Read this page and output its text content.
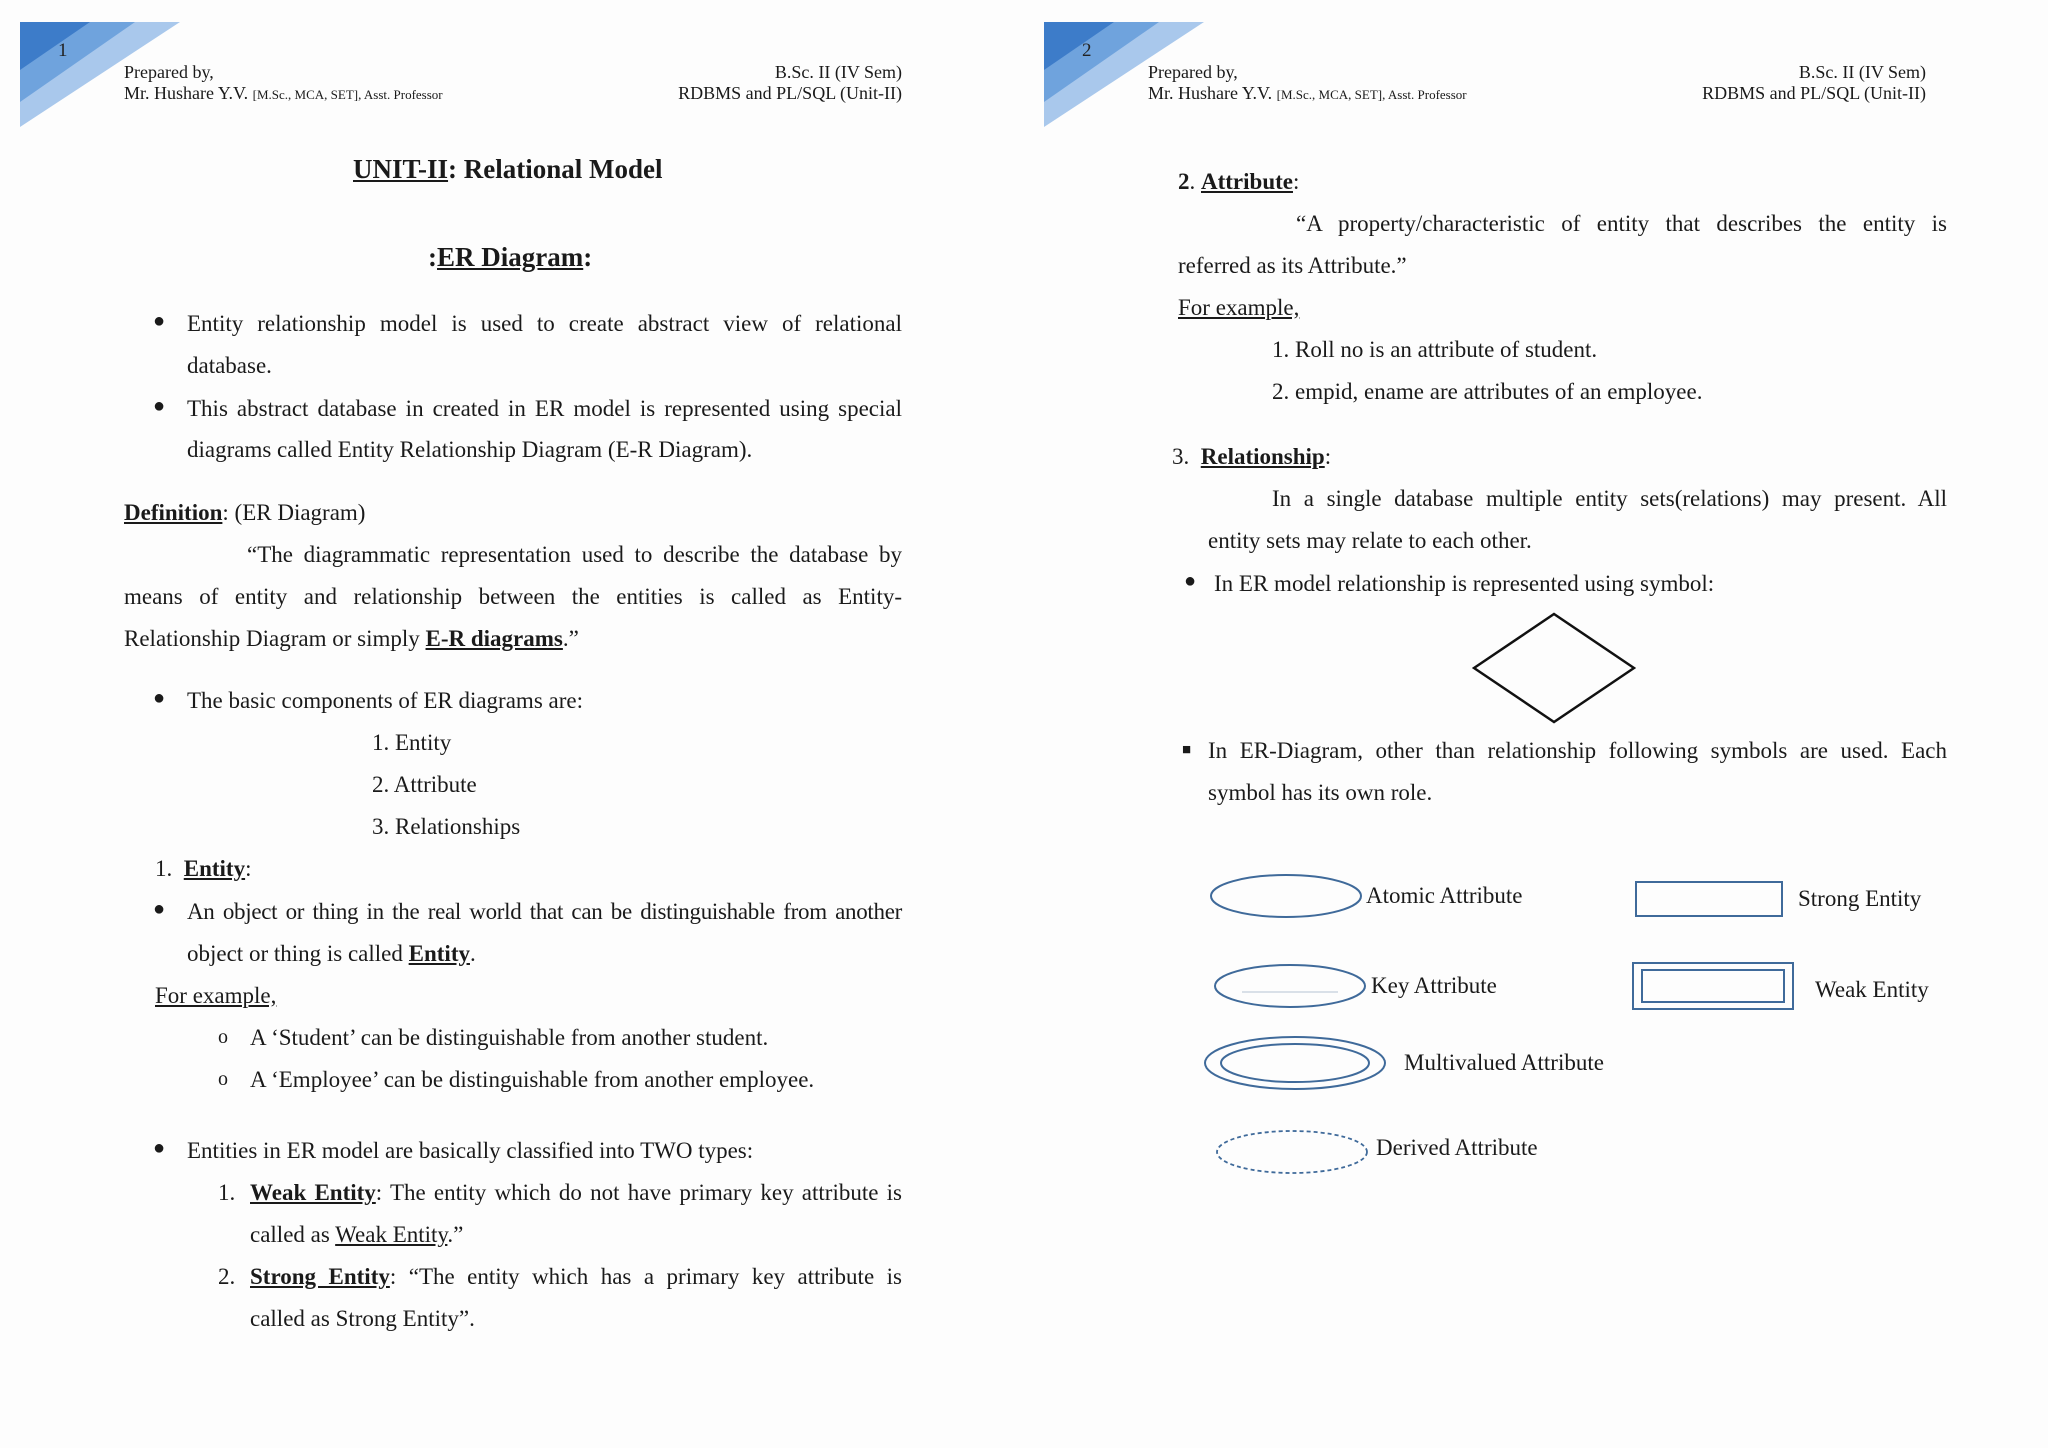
1
Prepared by,
Mr. Hushare Y.V. [M.Sc., MCA, SET], Asst. Professor
B.Sc. II (IV Sem)
RDBMS and PL/SQL (Unit-II)
UNIT-II: Relational Model
:ER Diagram:
● Entity relationship model is used to create abstract view of relational
database.
● This abstract database in created in ER model is represented using special
diagrams called Entity Relationship Diagram (E-R Diagram).
Definition: (ER Diagram)
“The diagrammatic representation used to describe the database by
means of entity and relationship between the entities is called as Entity-
Relationship Diagram or simply E-R diagrams.”
● The basic components of ER diagrams are:
1. Entity
2. Attribute
3. Relationships
1. Entity:
● An object or thing in the real world that can be distinguishable from another
object or thing is called Entity.
For example,
o A ‘Student’ can be distinguishable from another student.
o A ‘Employee’ can be distinguishable from another employee.
● Entities in ER model are basically classified into TWO types:
1. Weak Entity: The entity which do not have primary key attribute is
called as Weak Entity.”
2. Strong Entity: “The entity which has a primary key attribute is
called as Strong Entity”.
2
Prepared by,
Mr. Hushare Y.V. [M.Sc., MCA, SET], Asst. Professor
B.Sc. II (IV Sem)
RDBMS and PL/SQL (Unit-II)
2. Attribute:
“A property/characteristic of entity that describes the entity is
referred as its Attribute.”
For example,
1. Roll no is an attribute of student.
2. empid, ename are attributes of an employee.
3. Relationship:
In a single database multiple entity sets(relations) may present. All
entity sets may relate to each other.
● In ER model relationship is represented using symbol:
■ In ER-Diagram, other than relationship following symbols are used. Each
symbol has its own role.
Atomic Attribute
Key Attribute
Multivalued Attribute
Derived Attribute
Strong Entity
Weak Entity
